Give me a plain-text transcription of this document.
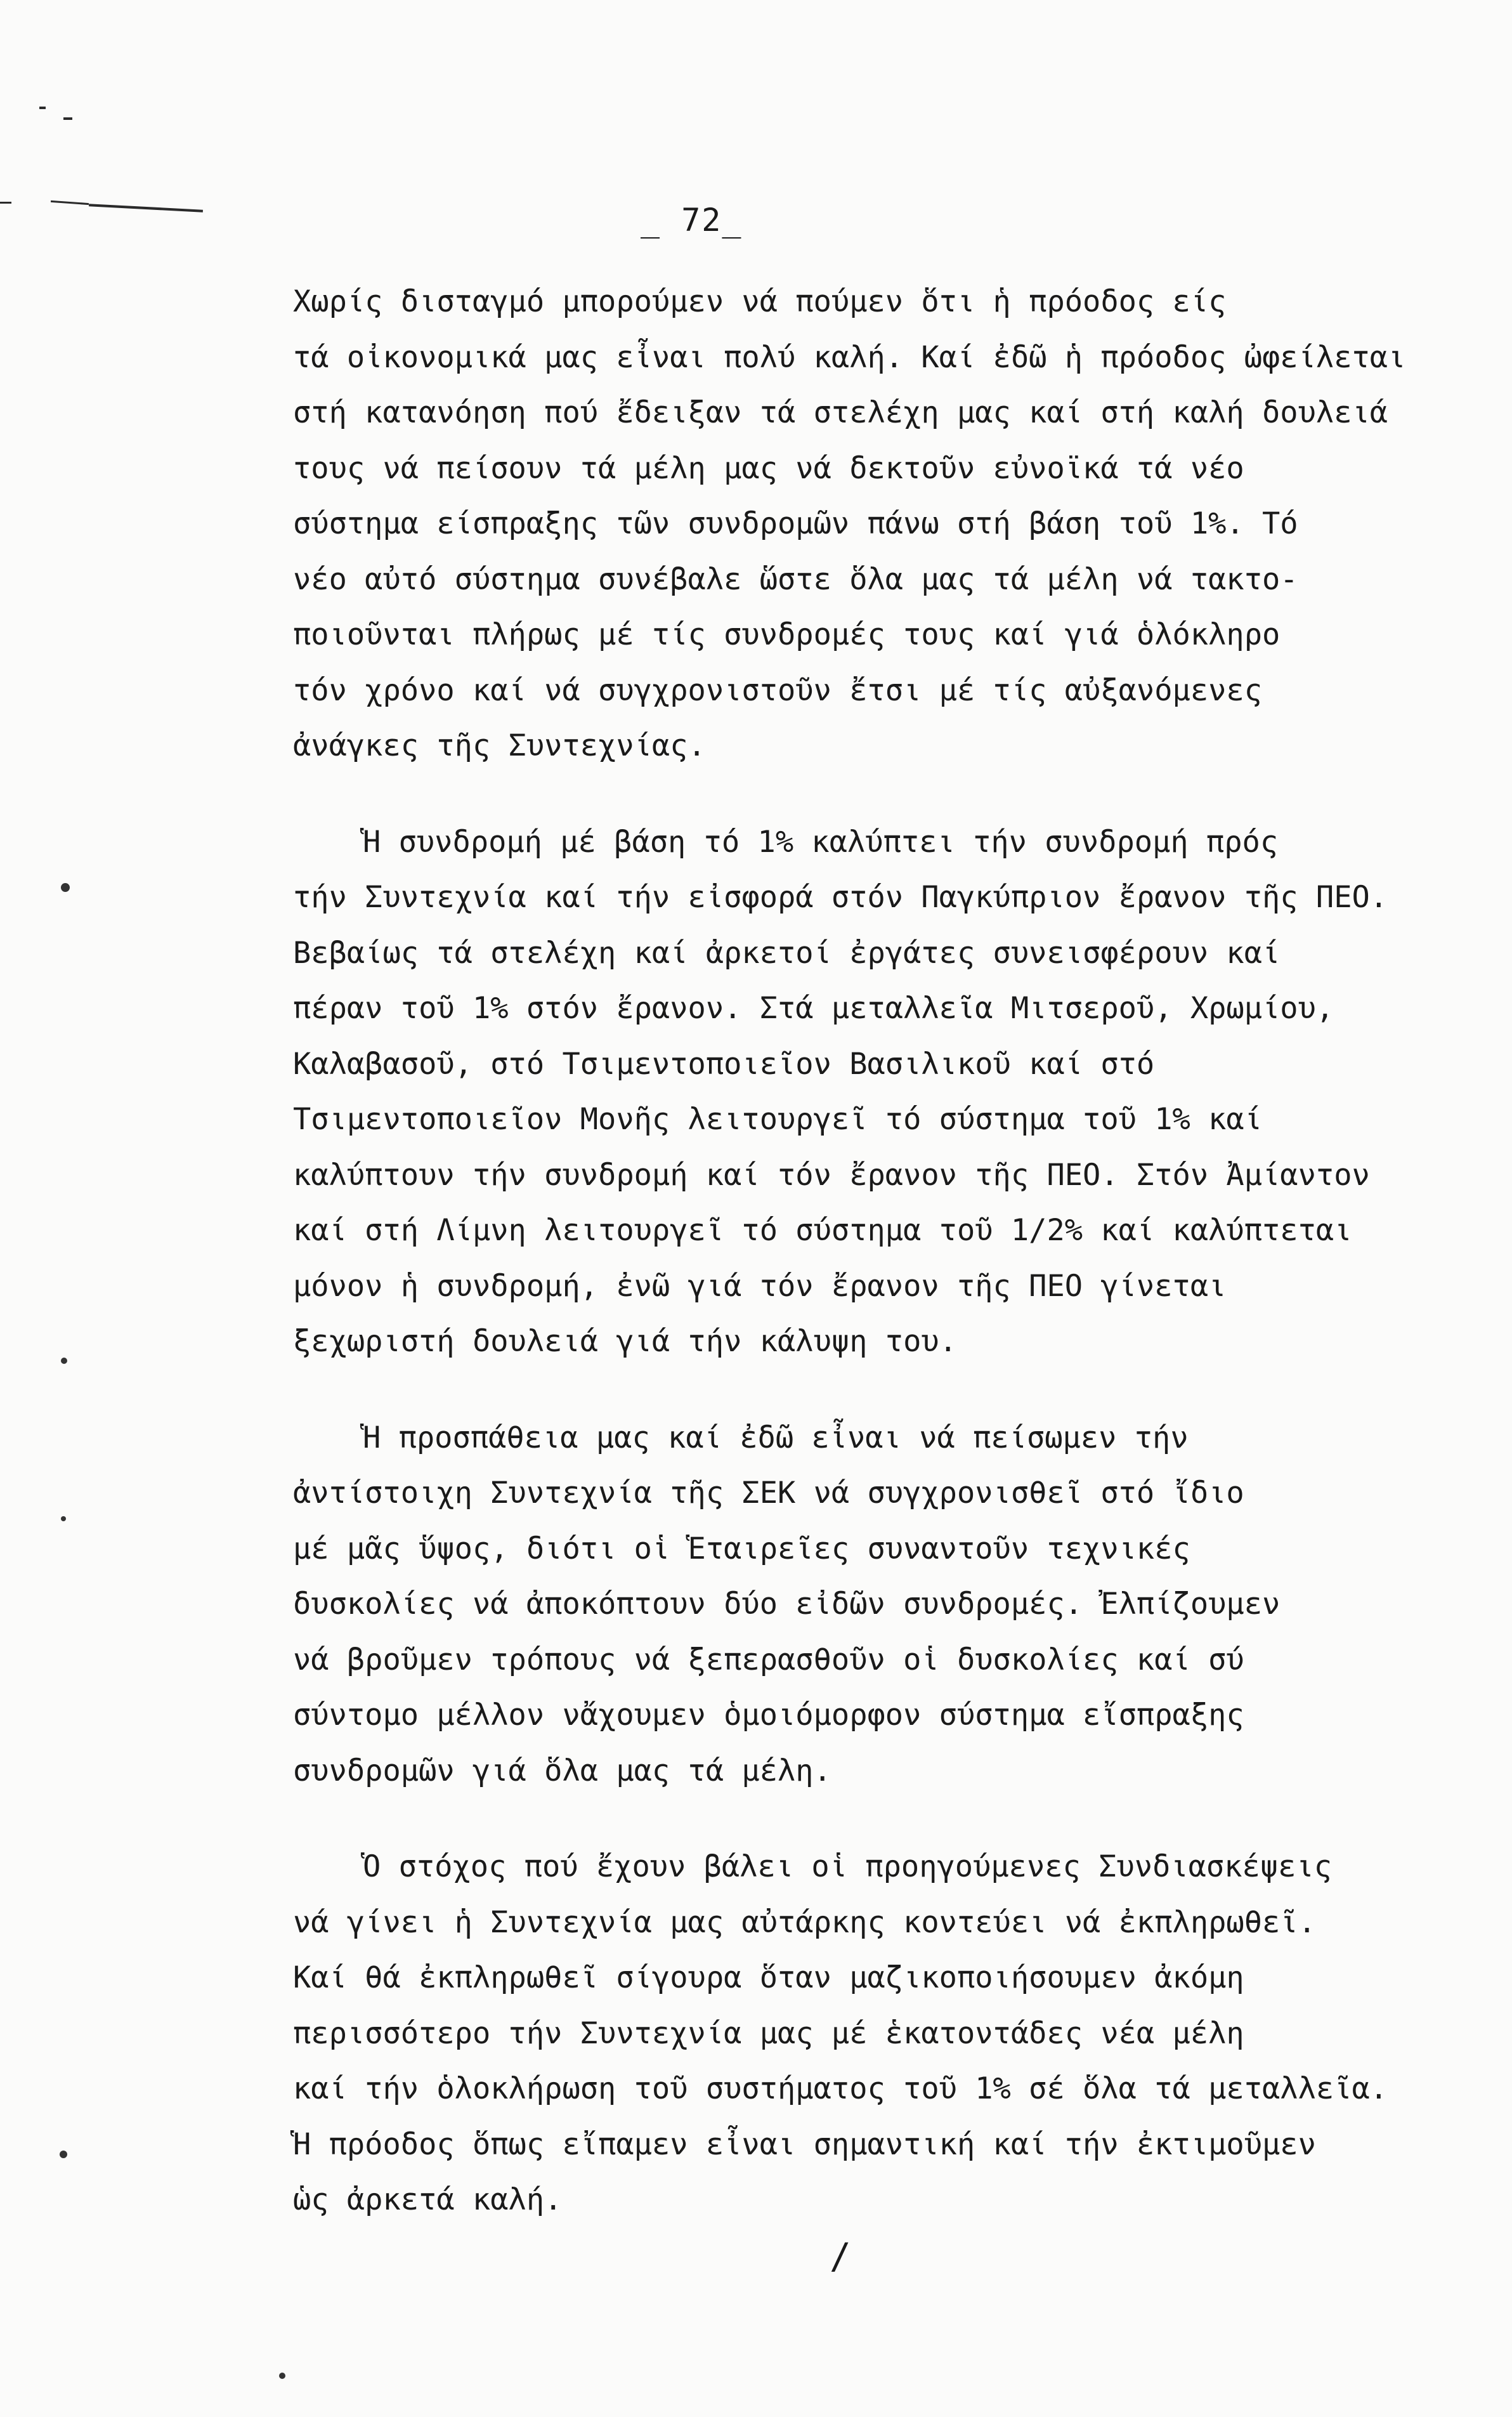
_ 72_
Χωρίς δισταγμό μπορούμεν νά πούμεν ὅτι ἡ πρόοδος είς
τά οἰκονομικά μας εἶναι πολύ καλή. Καί ἐδῶ ἡ πρόοδος ὠφείλεται
στή κατανόηση πού ἔδειξαν τά στελέχη μας καί στή καλή δουλειά
τους νά πείσουν τά μέλη μας νά δεκτοῦν εὐνοϊκά τά νέο
σύστημα είσπραξης τῶν συνδρομῶν πάνω στή βάση τοῦ 1%. Τό
νέο αὐτό σύστημα συνέβαλε ὥστε ὅλα μας τά μέλη νά τακτο-
ποιοῦνται πλήρως μέ τίς συνδρομές τους καί γιά ὁλόκληρο
τόν χρόνο καί νά συγχρονιστοῦν ἔτσι μέ τίς αὐξανόμενες
ἀνάγκες τῆς Συντεχνίας.
Ἡ συνδρομή μέ βάση τό 1% καλύπτει τήν συνδρομή πρός
τήν Συντεχνία καί τήν εἰσφορά στόν Παγκύπριον ἔρανον τῆς ΠΕΟ.
Βεβαίως τά στελέχη καί ἀρκετοί ἐργάτες συνεισφέρουν καί
πέραν τοῦ 1% στόν ἔρανον. Στά μεταλλεῖα Μιτσεροῦ, Χρωμίου,
Καλαβασοῦ, στό Τσιμεντοποιεῖον Βασιλικοῦ καί στό
Τσιμεντοποιεῖον Μονῆς λειτουργεῖ τό σύστημα τοῦ 1% καί
καλύπτουν τήν συνδρομή καί τόν ἔρανον τῆς ΠΕΟ. Στόν Ἀμίαντον
καί στή Λίμνη λειτουργεῖ τό σύστημα τοῦ 1/2% καί καλύπτεται
μόνον ἡ συνδρομή, ἐνῶ γιά τόν ἔρανον τῆς ΠΕΟ γίνεται
ξεχωριστή δουλειά γιά τήν κάλυψη του.
Ἡ προσπάθεια μας καί ἐδῶ εἶναι νά πείσωμεν τήν
ἀντίστοιχη Συντεχνία τῆς ΣΕΚ νά συγχρονισθεῖ στό ἴδιο
μέ μᾶς ὕψος, διότι οἱ Ἑταιρεῖες συναντοῦν τεχνικές
δυσκολίες νά ἀποκόπτουν δύο εἰδῶν συνδρομές. Ἐλπίζουμεν
νά βροῦμεν τρόπους νά ξεπερασθοῦν οἱ δυσκολίες καί σύ
σύντομο μέλλον νἄχουμεν ὁμοιόμορφον σύστημα εἴσπραξης
συνδρομῶν γιά ὅλα μας τά μέλη.
Ὁ στόχος πού ἔχουν βάλει οἱ προηγούμενες Συνδιασκέψεις
νά γίνει ἡ Συντεχνία μας αὐτάρκης κοντεύει νά ἐκπληρωθεῖ.
Καί θά ἐκπληρωθεῖ σίγουρα ὅταν μαζικοποιήσουμεν ἀκόμη
περισσότερο τήν Συντεχνία μας μέ ἑκατοντάδες νέα μέλη
καί τήν ὁλοκλήρωση τοῦ συστήματος τοῦ 1% σέ ὅλα τά μεταλλεῖα.
Ἡ πρόοδος ὅπως εἴπαμεν εἶναι σημαντική καί τήν ἐκτιμοῦμεν
ὡς ἀρκετά καλή.
/
